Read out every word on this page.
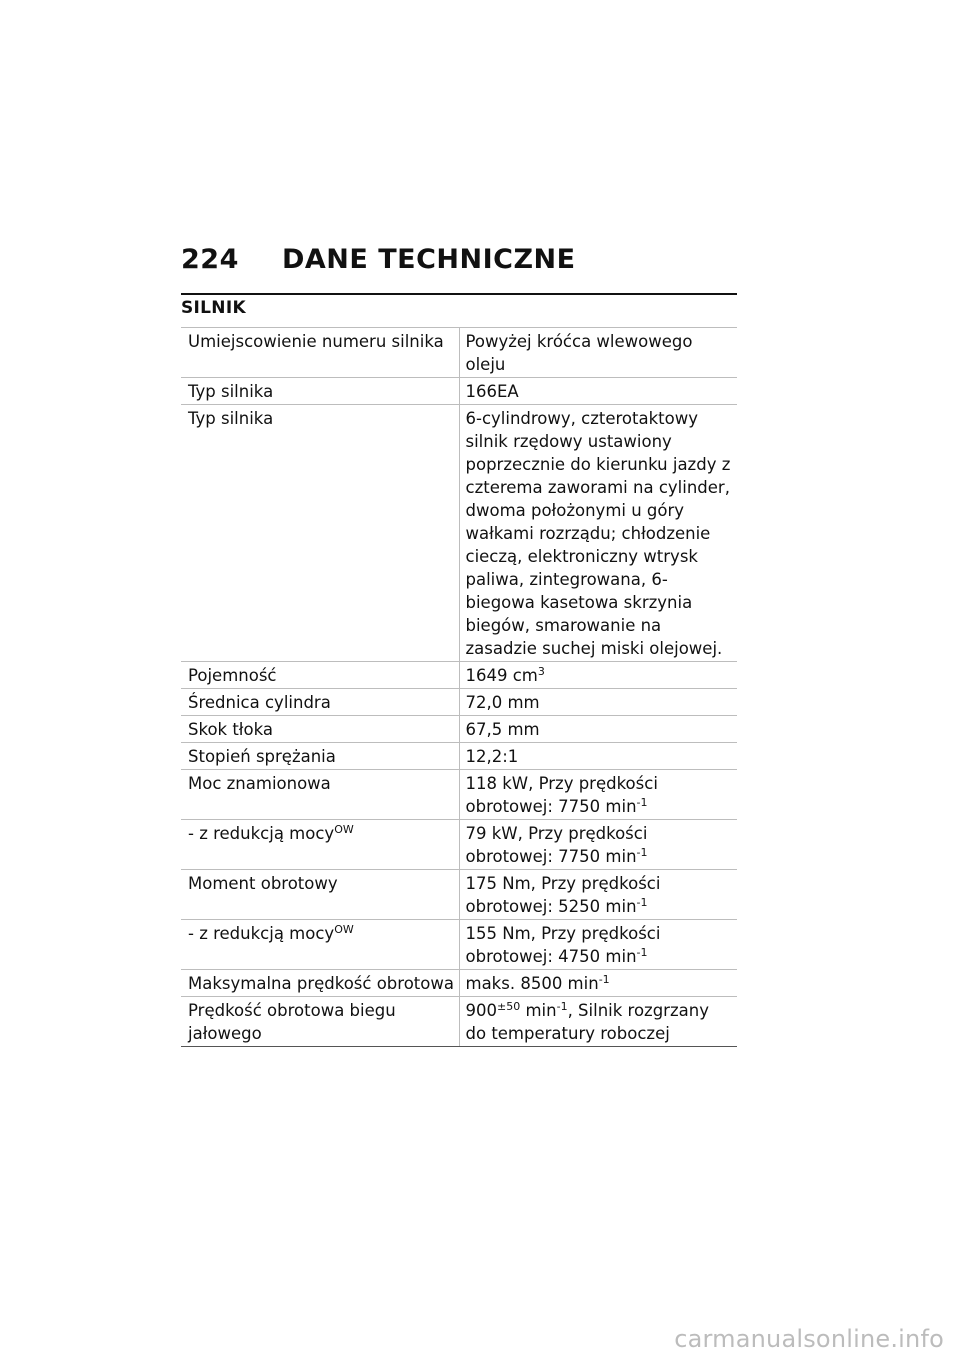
224 DANE TECHNICZNE
SILNIK
Umiejscowienie numeru silnika	Powyżej króćca wlewowego oleju
Typ silnika	166EA
Typ silnika	6-cylindrowy, czterotaktowy silnik rzędowy ustawiony poprzecznie do kierunku jazdy z czterema zaworami na cylinder, dwoma położonymi u góry wałkami rozrządu; chłodzenie cieczą, elektroniczny wtrysk paliwa, zintegrowana, 6-biegowa kasetowa skrzynia biegów, smarowanie na zasadzie suchej miski olejowej.
Pojemność	1649 $cm^3$
Średnica cylindra	72,0 mm
Skok tłoka	67,5 mm
Stopień sprężania	12,2:1
Moc znamionowa	118 kW, Przy prędkości obrotowej: 7750 $\min^{-1}$
- z redukcją mocy$^{OW}$	79 kW, Przy prędkości obrotowej: 7750 $\min^{-1}$
Moment obrotowy	175 Nm, Przy prędkości obrotowej: 5250 $\min^{-1}$
- z redukcją mocy$^{OW}$	155 Nm, Przy prędkości obrotowej: 4750 $\min^{-1}$
Maksymalna prędkość obrotowa	maks. 8500 $\min^{-1}$
Prędkość obrotowa biegu jałowego	$900^{\pm 50}$ $\min^{-1}$, Silnik rozgrzany do temperatury roboczej
carmanualsonline.info
